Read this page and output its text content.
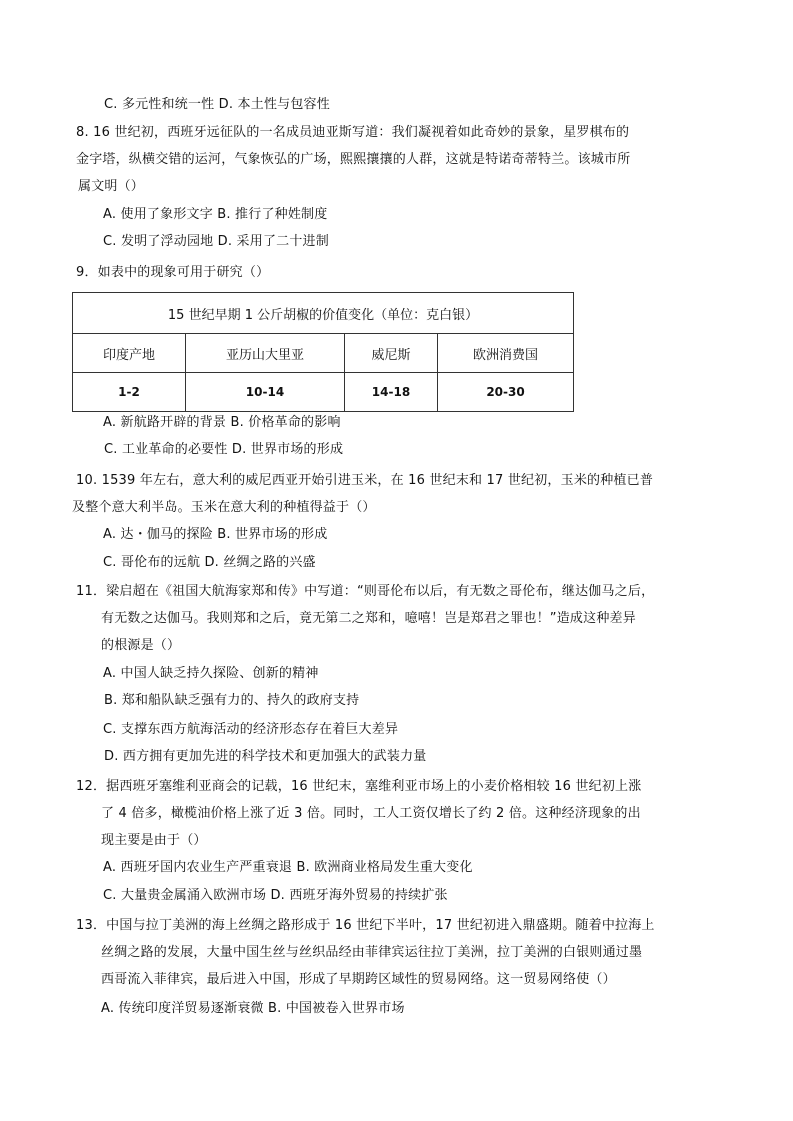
C. 多元性和统一性 D. 本土性与包容性
8. 16 世纪初，西班牙远征队的一名成员迪亚斯写道：我们凝视着如此奇妙的景象，星罗棋布的
金字塔，纵横交错的运河，气象恢弘的广场，熙熙攘攘的人群，这就是特诺奇蒂特兰。该城市所
属文明（）
A. 使用了象形文字 B. 推行了种姓制度
C. 发明了浮动园地 D. 采用了二十进制
9．如表中的现象可用于研究（）
15 世纪早期 1 公斤胡椒的价值变化（单位：克白银）			
印度产地	亚历山大里亚	威尼斯	欧洲消费国
1-2	10-14	14-18	20-30
A. 新航路开辟的背景 B. 价格革命的影响
C. 工业革命的必要性 D. 世界市场的形成
10. 1539 年左右，意大利的威尼西亚开始引进玉米，在 16 世纪末和 17 世纪初，玉米的种植已普
及整个意大利半岛。玉米在意大利的种植得益于（）
A. 达・伽马的探险 B. 世界市场的形成
C. 哥伦布的远航 D. 丝绸之路的兴盛
11．梁启超在《祖国大航海家郑和传》中写道：“则哥伦布以后，有无数之哥伦布，继达伽马之后，
有无数之达伽马。我则郑和之后，竟无第二之郑和，噫嘻！岂是郑君之罪也！”造成这种差异
的根源是（）
A. 中国人缺乏持久探险、创新的精神
B. 郑和船队缺乏强有力的、持久的政府支持
C. 支撑东西方航海活动的经济形态存在着巨大差异
D. 西方拥有更加先进的科学技术和更加强大的武装力量
12．据西班牙塞维利亚商会的记载，16 世纪末，塞维利亚市场上的小麦价格相较 16 世纪初上涨
了 4 倍多，橄榄油价格上涨了近 3 倍。同时，工人工资仅增长了约 2 倍。这种经济现象的出
现主要是由于（）
A. 西班牙国内农业生产严重衰退 B. 欧洲商业格局发生重大变化
C. 大量贵金属涌入欧洲市场 D. 西班牙海外贸易的持续扩张
13．中国与拉丁美洲的海上丝绸之路形成于 16 世纪下半叶，17 世纪初进入鼎盛期。随着中拉海上
丝绸之路的发展，大量中国生丝与丝织品经由菲律宾运往拉丁美洲，拉丁美洲的白银则通过墨
西哥流入菲律宾，最后进入中国，形成了早期跨区域性的贸易网络。这一贸易网络使（）
A. 传统印度洋贸易逐渐衰微 B. 中国被卷入世界市场
